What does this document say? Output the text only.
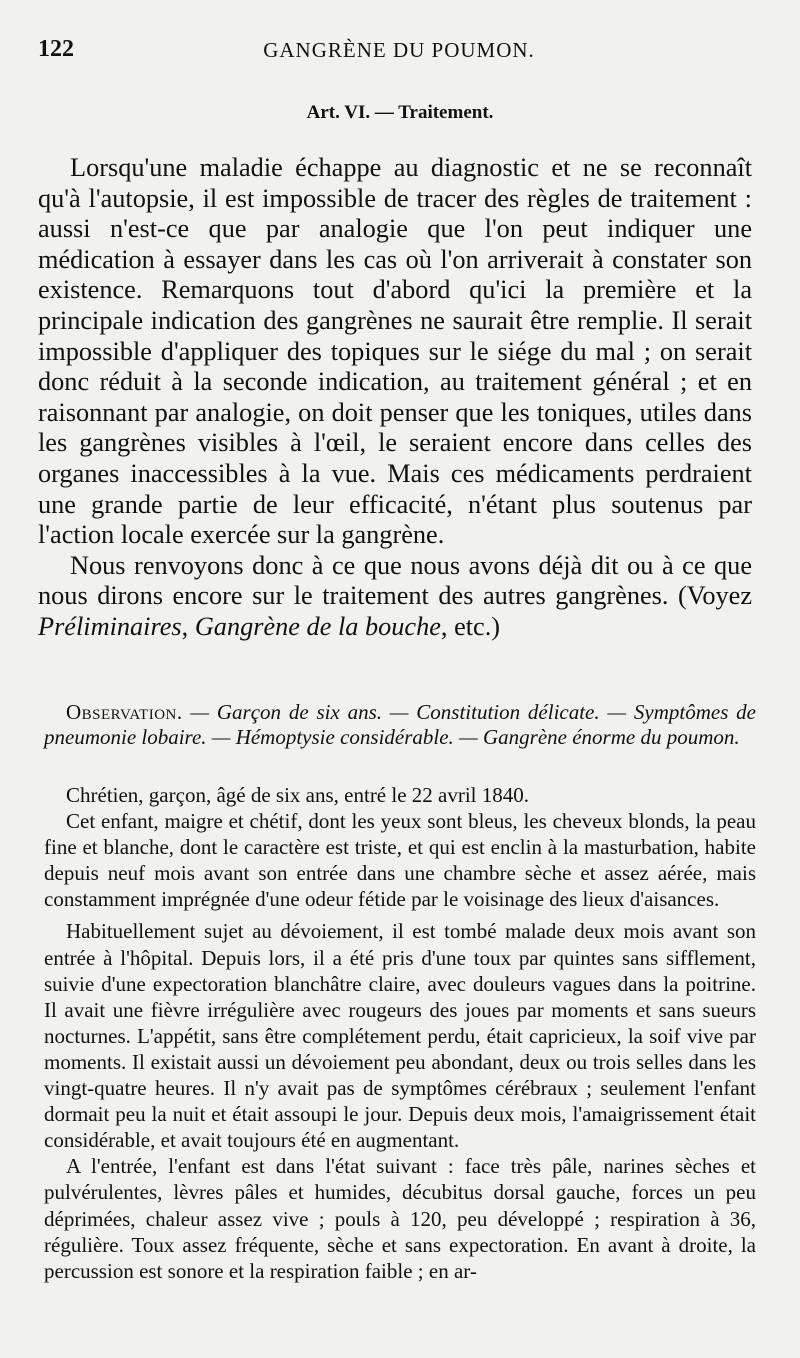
122	GANGRÈNE DU POUMON.
Art. VI. — Traitement.

Lorsqu'une maladie échappe au diagnostic et ne se reconnaît qu'à l'autopsie, il est impossible de tracer des règles de traitement : aussi n'est-ce que par analogie que l'on peut indiquer une médication à essayer dans les cas où l'on arriverait à constater son existence. Remarquons tout d'abord qu'ici la première et la principale indication des gangrènes ne saurait être remplie. Il serait impossible d'appliquer des topiques sur le siége du mal ; on serait donc réduit à la seconde indication, au traitement général ; et en raisonnant par analogie, on doit penser que les toniques, utiles dans les gangrènes visibles à l'œil, le seraient encore dans celles des organes inaccessibles à la vue. Mais ces médicaments perdraient une grande partie de leur efficacité, n'étant plus soutenus par l'action locale exercée sur la gangrène.

Nous renvoyons donc à ce que nous avons déjà dit ou à ce que nous dirons encore sur le traitement des autres gangrènes. (Voyez Préliminaires, Gangrène de la bouche, etc.)

Observation. — Garçon de six ans. — Constitution délicate. — Symptômes de pneumonie lobaire. — Hémoptysie considérable. — Gangrène énorme du poumon.

Chrétien, garçon, âgé de six ans, entré le 22 avril 1840.

Cet enfant, maigre et chétif, dont les yeux sont bleus, les cheveux blonds, la peau fine et blanche, dont le caractère est triste, et qui est enclin à la masturbation, habite depuis neuf mois avant son entrée dans une chambre sèche et assez aérée, mais constamment imprégnée d'une odeur fétide par le voisinage des lieux d'aisances.

Habituellement sujet au dévoiement, il est tombé malade deux mois avant son entrée à l'hôpital. Depuis lors, il a été pris d'une toux par quintes sans sifflement, suivie d'une expectoration blanchâtre claire, avec douleurs vagues dans la poitrine. Il avait une fièvre irrégulière avec rougeurs des joues par moments et sans sueurs nocturnes. L'appétit, sans être complétement perdu, était capricieux, la soif vive par moments. Il existait aussi un dévoiement peu abondant, deux ou trois selles dans les vingt-quatre heures. Il n'y avait pas de symptômes cérébraux ; seulement l'enfant dormait peu la nuit et était assoupi le jour. Depuis deux mois, l'amaigrissement était considérable, et avait toujours été en augmentant.

A l'entrée, l'enfant est dans l'état suivant : face très pâle, narines sèches et pulvérulentes, lèvres pâles et humides, décubitus dorsal gauche, forces un peu déprimées, chaleur assez vive ; pouls à 120, peu développé ; respiration à 36, régulière. Toux assez fréquente, sèche et sans expectoration. En avant à droite, la percussion est sonore et la respiration faible ; en ar-
